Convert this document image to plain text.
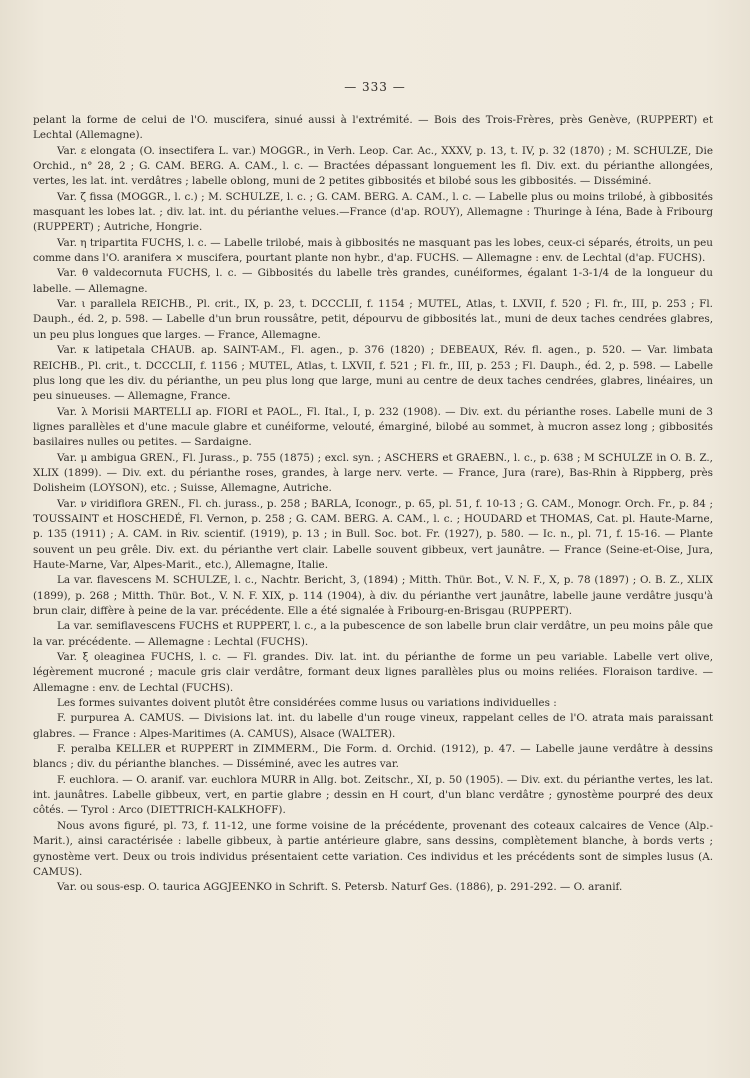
— 333 —

pelant la forme de celui de l'O. muscifera, sinué aussi à l'extrémité. — Bois des Trois-Frères, près Genève, (RUPPERT) et Lechtal (Allemagne).

Var. ε elongata (O. insectifera L. var.) MOGGR., in Verh. Leop. Car. Ac., XXXV, p. 13, t. IV, p. 32 (1870) ; M. SCHULZE, Die Orchid., n° 28, 2 ; G. CAM. BERG. A. CAM., l. c. — Bractées dépassant longuement les fl. Div. ext. du périanthe allongées, vertes, les lat. int. verdâtres ; labelle oblong, muni de 2 petites gibbosités et bilobé sous les gibbosités. — Disséminé.

Var. ζ fissa (MOGGR., l. c.) ; M. SCHULZE, l. c. ; G. CAM. BERG. A. CAM., l. c. — Labelle plus ou moins trilobé, à gibbosités masquant les lobes lat. ; div. lat. int. du périanthe velues.—France (d'ap. ROUY), Allemagne : Thuringe à Iéna, Bade à Fribourg (RUPPERT) ; Autriche, Hongrie.

Var. η tripartita FUCHS, l. c. — Labelle trilobé, mais à gibbosités ne masquant pas les lobes, ceux-ci séparés, étroits, un peu comme dans l'O. aranifera × muscifera, pourtant plante non hybr., d'ap. FUCHS. — Allemagne : env. de Lechtal (d'ap. FUCHS).

Var. θ valdecornuta FUCHS, l. c. — Gibbosités du labelle très grandes, cunéiformes, égalant 1-3-1/4 de la longueur du labelle. — Allemagne.

Var. ι parallela REICHB., Pl. crit., IX, p. 23, t. DCCCLII, f. 1154 ; MUTEL, Atlas, t. LXVII, f. 520 ; Fl. fr., III, p. 253 ; Fl. Dauph., éd. 2, p. 598. — Labelle d'un brun roussâtre, petit, dépourvu de gibbosités lat., muni de deux taches cendrées glabres, un peu plus longues que larges. — France, Allemagne.

Var. κ latipetala CHAUB. ap. SAINT-AM., Fl. agen., p. 376 (1820) ; DEBEAUX, Rév. fl. agen., p. 520. — Var. limbata REICHB., Pl. crit., t. DCCCLII, f. 1156 ; MUTEL, Atlas, t. LXVII, f. 521 ; Fl. fr., III, p. 253 ; Fl. Dauph., éd. 2, p. 598. — Labelle plus long que les div. du périanthe, un peu plus long que large, muni au centre de deux taches cendrées, glabres, linéaires, un peu sinueuses. — Allemagne, France.

Var. λ Morisii MARTELLI ap. FIORI et PAOL., Fl. Ital., I, p. 232 (1908). — Div. ext. du périanthe roses. Labelle muni de 3 lignes parallèles et d'une macule glabre et cunéiforme, velouté, émarginé, bilobé au sommet, à mucron assez long ; gibbosités basilaires nulles ou petites. — Sardaigne.

Var. μ ambigua GREN., Fl. Jurass., p. 755 (1875) ; excl. syn. ; ASCHERS et GRAEBN., l. c., p. 638 ; M SCHULZE in O. B. Z., XLIX (1899). — Div. ext. du périanthe roses, grandes, à large nerv. verte. — France, Jura (rare), Bas-Rhin à Rippberg, près Dolisheim (LOYSON), etc. ; Suisse, Allemagne, Autriche.

Var. ν viridiflora GREN., Fl. ch. jurass., p. 258 ; BARLA, Iconogr., p. 65, pl. 51, f. 10-13 ; G. CAM., Monogr. Orch. Fr., p. 84 ; TOUSSAINT et HOSCHEDÉ, Fl. Vernon, p. 258 ; G. CAM. BERG. A. CAM., l. c. ; HOUDARD et THOMAS, Cat. pl. Haute-Marne, p. 135 (1911) ; A. CAM. in Riv. scientif. (1919), p. 13 ; in Bull. Soc. bot. Fr. (1927), p. 580. — Ic. n., pl. 71, f. 15-16. — Plante souvent un peu grêle. Div. ext. du périanthe vert clair. Labelle souvent gibbeux, vert jaunâtre. — France (Seine-et-Oise, Jura, Haute-Marne, Var, Alpes-Marit., etc.), Allemagne, Italie.

La var. flavescens M. SCHULZE, l. c., Nachtr. Bericht, 3, (1894) ; Mitth. Thür. Bot., V. N. F., X, p. 78 (1897) ; O. B. Z., XLIX (1899), p. 268 ; Mitth. Thür. Bot., V. N. F. XIX, p. 114 (1904), à div. du périanthe vert jaunâtre, labelle jaune verdâtre jusqu'à brun clair, diffère à peine de la var. précédente. Elle a été signalée à Fribourg-en-Brisgau (RUPPERT).

La var. semiflavescens FUCHS et RUPPERT, l. c., a la pubescence de son labelle brun clair verdâtre, un peu moins pâle que la var. précédente. — Allemagne : Lechtal (FUCHS).

Var. ξ oleaginea FUCHS, l. c. — Fl. grandes. Div. lat. int. du périanthe de forme un peu variable. Labelle vert olive, légèrement mucroné ; macule gris clair verdâtre, formant deux lignes parallèles plus ou moins reliées. Floraison tardive. — Allemagne : env. de Lechtal (FUCHS).

Les formes suivantes doivent plutôt être considérées comme lusus ou variations individuelles :

F. purpurea A. CAMUS. — Divisions lat. int. du labelle d'un rouge vineux, rappelant celles de l'O. atrata mais paraissant glabres. — France : Alpes-Maritimes (A. CAMUS), Alsace (WALTER).

F. peralba KELLER et RUPPERT in ZIMMERM., Die Form. d. Orchid. (1912), p. 47. — Labelle jaune verdâtre à dessins blancs ; div. du périanthe blanches. — Disséminé, avec les autres var.

F. euchlora. — O. aranif. var. euchlora MURR in Allg. bot. Zeitschr., XI, p. 50 (1905). — Div. ext. du périanthe vertes, les lat. int. jaunâtres. Labelle gibbeux, vert, en partie glabre ; dessin en H court, d'un blanc verdâtre ; gynostème pourpré des deux côtés. — Tyrol : Arco (DIETTRICH-KALKHOFF).

Nous avons figuré, pl. 73, f. 11-12, une forme voisine de la précédente, provenant des coteaux calcaires de Vence (Alp.-Marit.), ainsi caractérisée : labelle gibbeux, à partie antérieure glabre, sans dessins, complètement blanche, à bords verts ; gynostème vert. Deux ou trois individus présentaient cette variation. Ces individus et les précédents sont de simples lusus (A. CAMUS).

Var. ou sous-esp. O. taurica AGGJEENKO in Schrift. S. Petersb. Naturf Ges. (1886), p. 291-292. — O. aranif.
